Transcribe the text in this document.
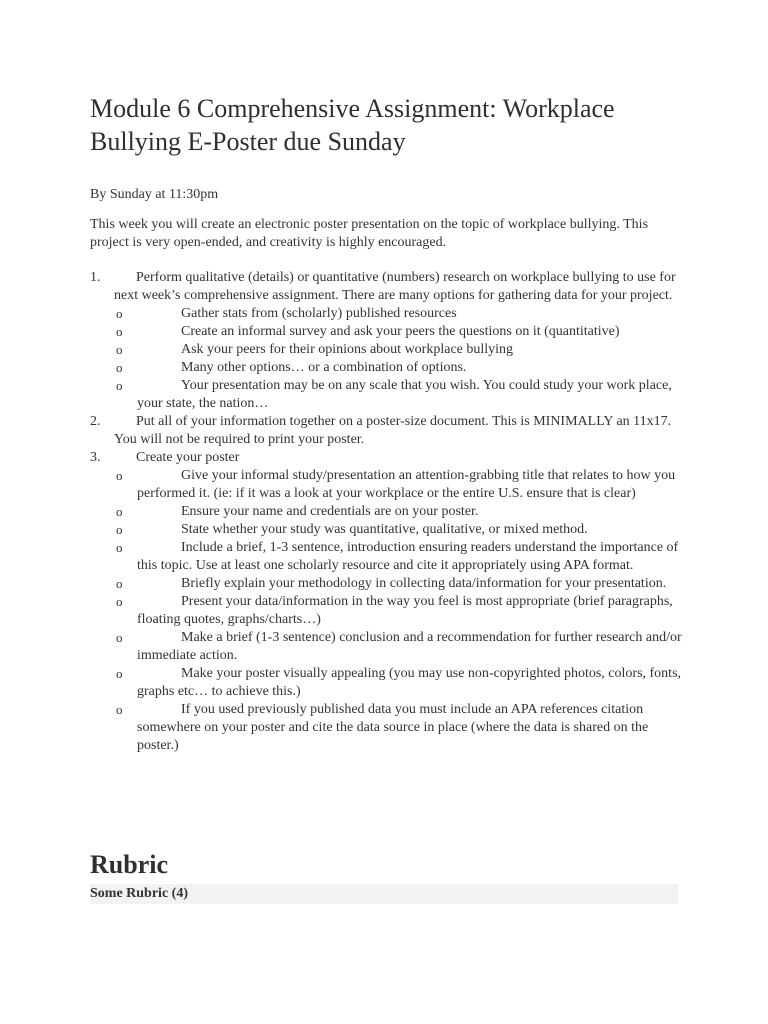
Module 6 Comprehensive Assignment: Workplace Bullying E-Poster due Sunday
By Sunday at 11:30pm
This week you will create an electronic poster presentation on the topic of workplace bullying. This project is very open-ended, and creativity is highly encouraged.
1.	Perform qualitative (details) or quantitative (numbers) research on workplace bullying to use for next week’s comprehensive assignment. There are many options for gathering data for your project.
o	Gather stats from (scholarly) published resources
o	Create an informal survey and ask your peers the questions on it (quantitative)
o	Ask your peers for their opinions about workplace bullying
o	Many other options… or a combination of options.
o	Your presentation may be on any scale that you wish. You could study your work place, your state, the nation…
2.	Put all of your information together on a poster-size document. This is MINIMALLY an 11x17. You will not be required to print your poster.
3.	Create your poster
o	Give your informal study/presentation an attention-grabbing title that relates to how you performed it. (ie: if it was a look at your workplace or the entire U.S. ensure that is clear)
o	Ensure your name and credentials are on your poster.
o	State whether your study was quantitative, qualitative, or mixed method.
o	Include a brief, 1-3 sentence, introduction ensuring readers understand the importance of this topic. Use at least one scholarly resource and cite it appropriately using APA format.
o	Briefly explain your methodology in collecting data/information for your presentation.
o	Present your data/information in the way you feel is most appropriate (brief paragraphs, floating quotes, graphs/charts…)
o	Make a brief (1-3 sentence) conclusion and a recommendation for further research and/or immediate action.
o	Make your poster visually appealing (you may use non-copyrighted photos, colors, fonts, graphs etc… to achieve this.)
o	If you used previously published data you must include an APA references citation somewhere on your poster and cite the data source in place (where the data is shared on the poster.)
Rubric
Some Rubric (4)
